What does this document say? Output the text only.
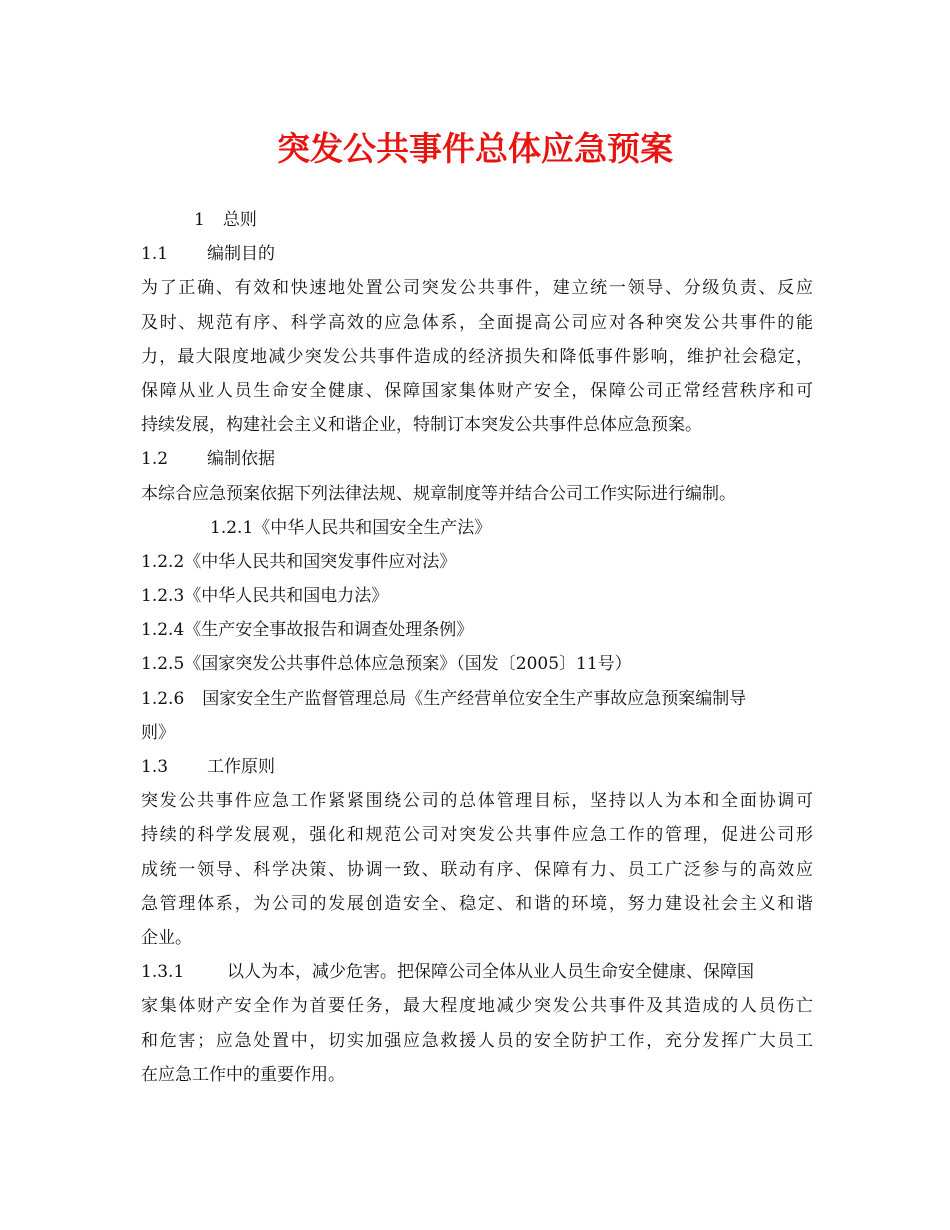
突发公共事件总体应急预案
1 总则
1.1 编制目的
为了正确、有效和快速地处置公司突发公共事件，建立统一领导、分级负责、反应
及时、规范有序、科学高效的应急体系，全面提高公司应对各种突发公共事件的能
力，最大限度地减少突发公共事件造成的经济损失和降低事件影响，维护社会稳定，
保障从业人员生命安全健康、保障国家集体财产安全，保障公司正常经营秩序和可
持续发展，构建社会主义和谐企业，特制订本突发公共事件总体应急预案。
1.2 编制依据
本综合应急预案依据下列法律法规、规章制度等并结合公司工作实际进行编制。
1.2.1《中华人民共和国安全生产法》
1.2.2《中华人民共和国突发事件应对法》
1.2.3《中华人民共和国电力法》
1.2.4《生产安全事故报告和调查处理条例》
1.2.5《国家突发公共事件总体应急预案》（国发〔2005〕11号）
1.2.6 国家安全生产监督管理总局《生产经营单位安全生产事故应急预案编制导
则》
1.3 工作原则
突发公共事件应急工作紧紧围绕公司的总体管理目标，坚持以人为本和全面协调可
持续的科学发展观，强化和规范公司对突发公共事件应急工作的管理，促进公司形
成统一领导、科学决策、协调一致、联动有序、保障有力、员工广泛参与的高效应
急管理体系，为公司的发展创造安全、稳定、和谐的环境，努力建设社会主义和谐
企业。
1.3.1	以人为本，减少危害。把保障公司全体从业人员生命安全健康、保障国
家集体财产安全作为首要任务，最大程度地减少突发公共事件及其造成的人员伤亡
和危害；应急处置中，切实加强应急救援人员的安全防护工作，充分发挥广大员工
在应急工作中的重要作用。
